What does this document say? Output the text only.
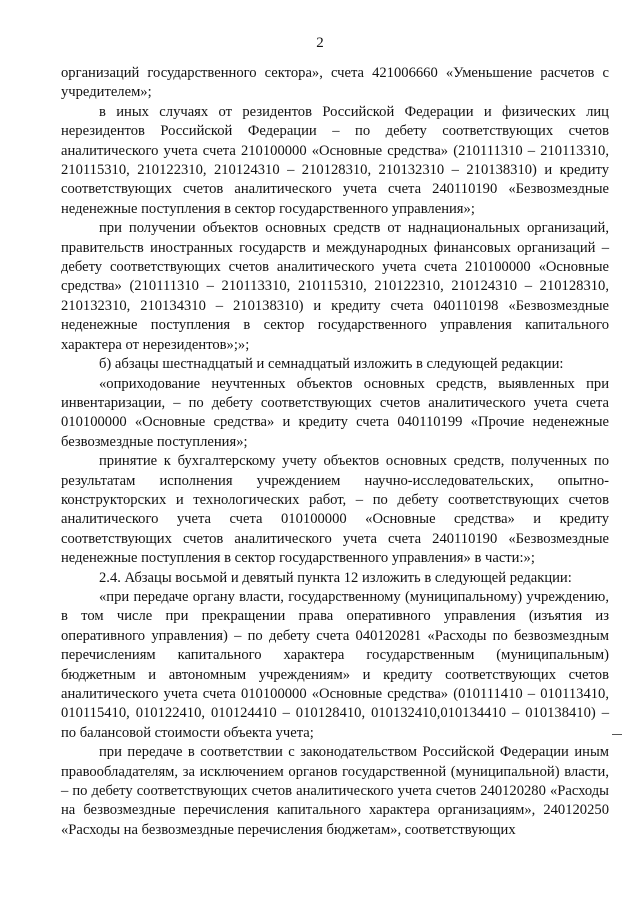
2

организаций государственного сектора», счета 421006660 «Уменьшение расчетов с учредителем»;

в иных случаях от резидентов Российской Федерации и физических лиц нерезидентов Российской Федерации – по дебету соответствующих счетов аналитического учета счета 210100000 «Основные средства» (210111310 – 210113310, 210115310, 210122310, 210124310 – 210128310, 210132310 – 210138310) и кредиту соответствующих счетов аналитического учета счета 240110190 «Безвозмездные неденежные поступления в сектор государственного управления»;

при получении объектов основных средств от наднациональных организаций, правительств иностранных государств и международных финансовых организаций – дебету соответствующих счетов аналитического учета счета 210100000 «Основные средства» (210111310 – 210113310, 210115310, 210122310, 210124310 – 210128310, 210132310, 210134310 – 210138310) и кредиту счета 040110198 «Безвозмездные неденежные поступления в сектор государственного управления капитального характера от нерезидентов»;»;

б) абзацы шестнадцатый и семнадцатый изложить в следующей редакции:

«оприходование неучтенных объектов основных средств, выявленных при инвентаризации, – по дебету соответствующих счетов аналитического учета счета 010100000 «Основные средства» и кредиту счета 040110199 «Прочие неденежные безвозмездные поступления»;

принятие к бухгалтерскому учету объектов основных средств, полученных по результатам исполнения учреждением научно-исследовательских, опытно-конструкторских и технологических работ, – по дебету соответствующих счетов аналитического учета счета 010100000 «Основные средства» и кредиту соответствующих счетов аналитического учета счета 240110190 «Безвозмездные неденежные поступления в сектор государственного управления» в части:»;

2.4. Абзацы восьмой и девятый пункта 12 изложить в следующей редакции:

«при передаче органу власти, государственному (муниципальному) учреждению, в том числе при прекращении права оперативного управления (изъятия из оперативного управления) – по дебету счета 040120281 «Расходы по безвозмездным перечислениям капитального характера государственным (муниципальным) бюджетным и автономным учреждениям» и кредиту соответствующих счетов аналитического учета счета 010100000 «Основные средства» (010111410 – 010113410, 010115410, 010122410, 010124410 – 010128410, 010132410,010134410 – 010138410) – по балансовой стоимости объекта учета;

при передаче в соответствии с законодательством Российской Федерации иным правообладателям, за исключением органов государственной (муниципальной) власти, – по дебету соответствующих счетов аналитического учета счетов 240120280 «Расходы на безвозмездные перечисления капитального характера организациям», 240120250 «Расходы на безвозмездные перечисления бюджетам», соответствующих
